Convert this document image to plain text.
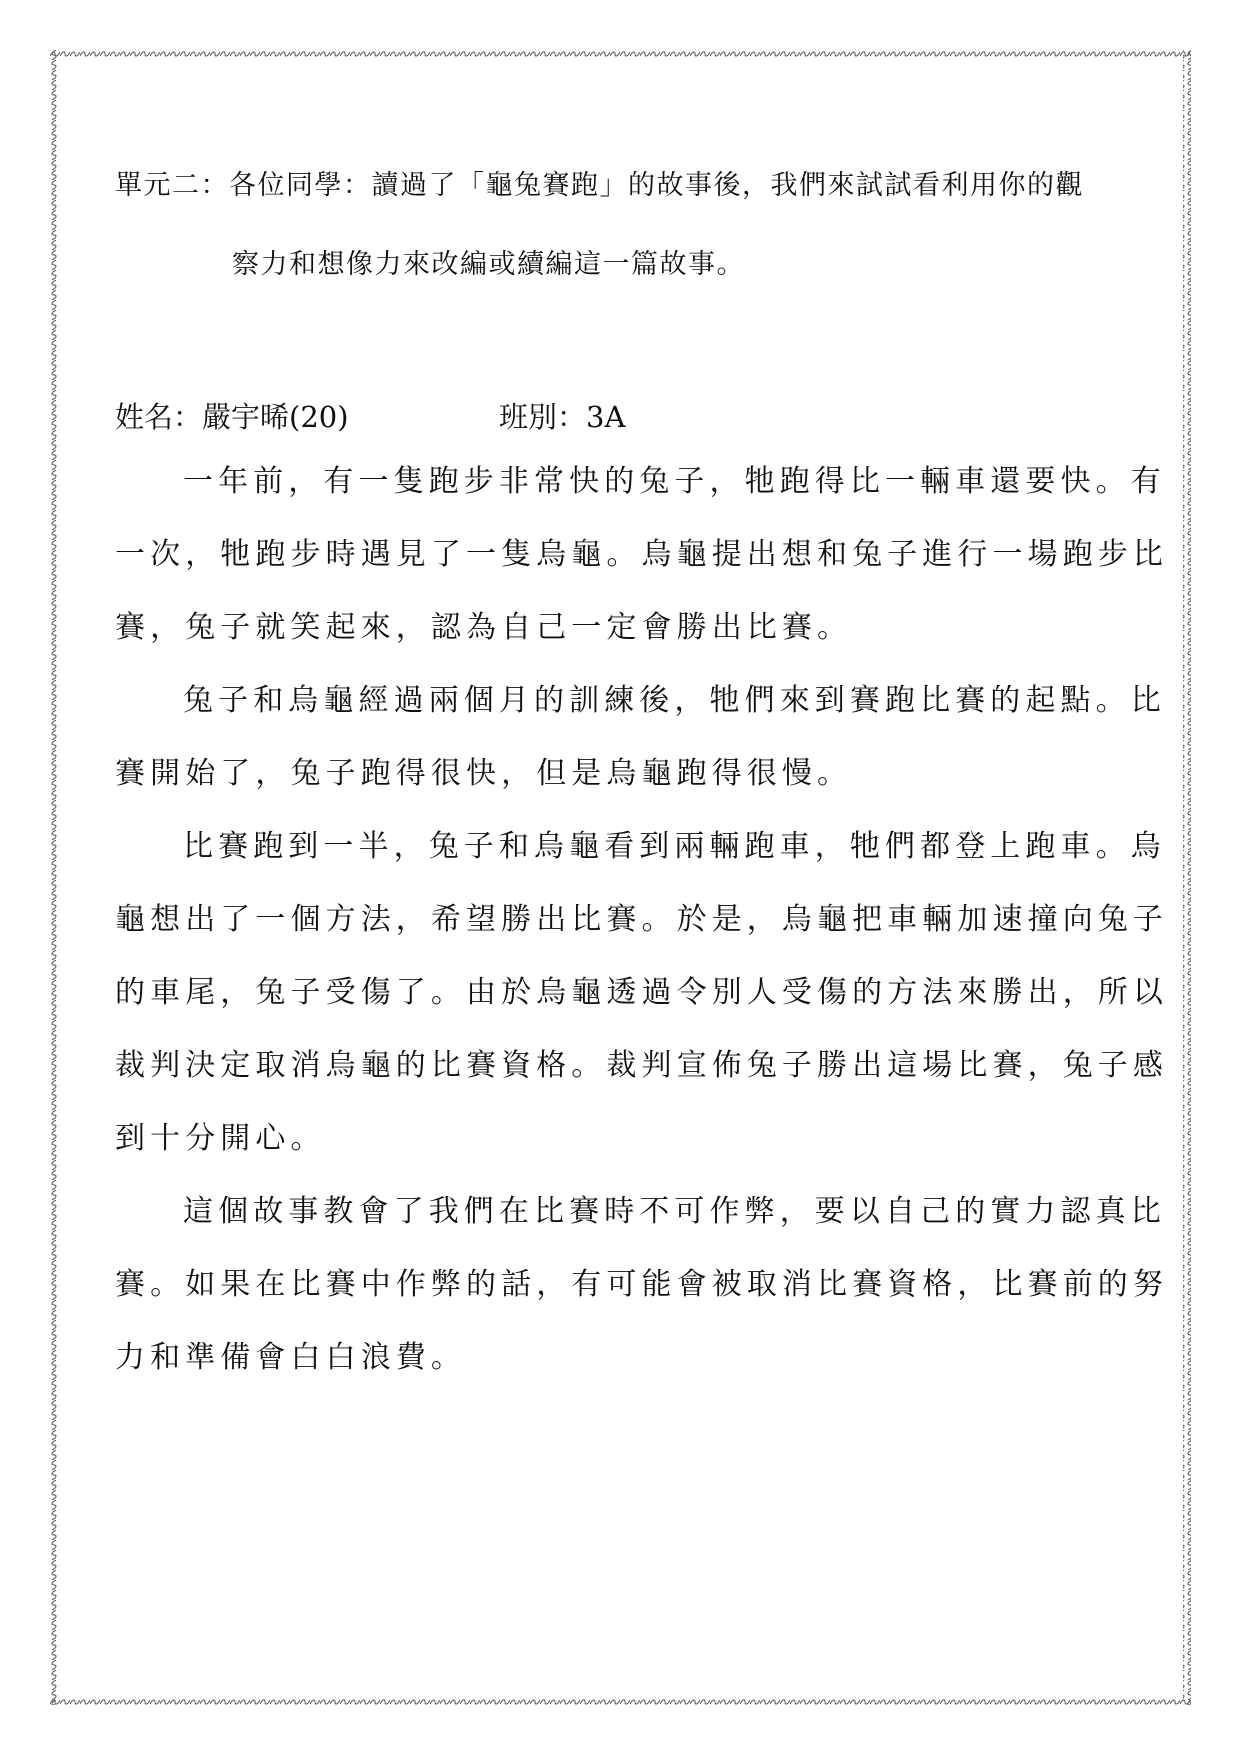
單元二：各位同學：讀過了「龜兔賽跑」的故事後，我們來試試看利用你的觀
察力和想像力來改編或續編這一篇故事。
姓名：嚴宇晞(20)	班別：3A
一年前，有一隻跑步非常快的兔子，牠跑得比一輛車還要快。有
一次，牠跑步時遇見了一隻烏龜。烏龜提出想和兔子進行一場跑步比
賽，兔子就笑起來，認為自己一定會勝出比賽。
兔子和烏龜經過兩個月的訓練後，牠們來到賽跑比賽的起點。比
賽開始了，兔子跑得很快，但是烏龜跑得很慢。
比賽跑到一半，兔子和烏龜看到兩輛跑車，牠們都登上跑車。烏
龜想出了一個方法，希望勝出比賽。於是，烏龜把車輛加速撞向兔子
的車尾，兔子受傷了。由於烏龜透過令別人受傷的方法來勝出，所以
裁判決定取消烏龜的比賽資格。裁判宣佈兔子勝出這場比賽，兔子感
到十分開心。
這個故事教會了我們在比賽時不可作弊，要以自己的實力認真比
賽。如果在比賽中作弊的話，有可能會被取消比賽資格，比賽前的努
力和準備會白白浪費。
